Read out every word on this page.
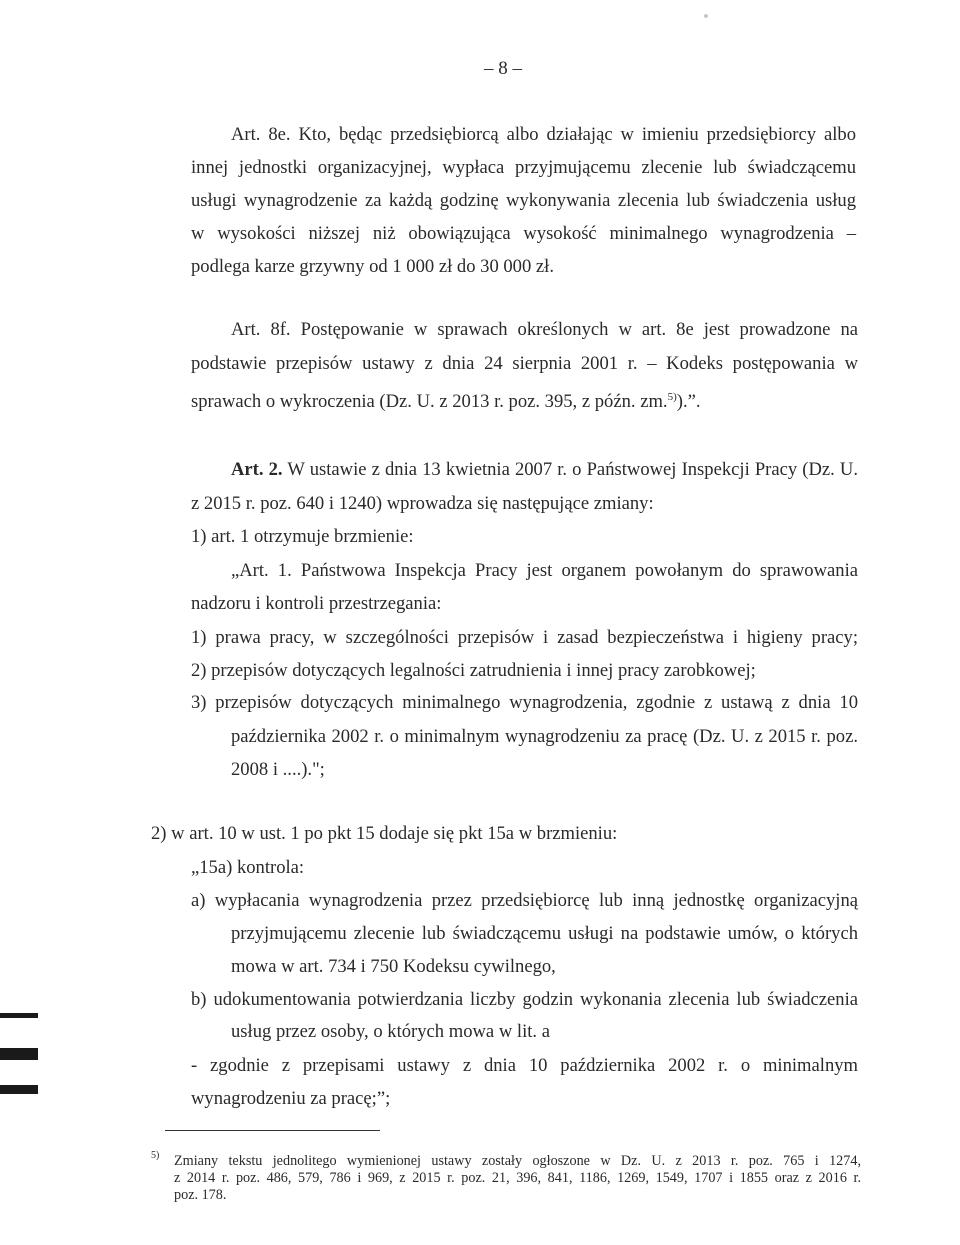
– 8 –
Art. 8e. Kto, będąc przedsiębiorcą albo działając w imieniu przedsiębiorcy albo
innej jednostki organizacyjnej, wypłaca przyjmującemu zlecenie lub świadczącemu
usługi wynagrodzenie za każdą godzinę wykonywania zlecenia lub świadczenia usług
w wysokości niższej niż obowiązująca wysokość minimalnego wynagrodzenia –
podlega karze grzywny od 1 000 zł do 30 000 zł.
Art. 8f. Postępowanie w sprawach określonych w art. 8e jest prowadzone na
podstawie przepisów ustawy z dnia 24 sierpnia 2001 r. – Kodeks postępowania w
sprawach o wykroczenia (Dz. U. z 2013 r. poz. 395, z późn. zm.$^{5)}$).”.
Art. 2. W ustawie z dnia 13 kwietnia 2007 r. o Państwowej Inspekcji Pracy (Dz. U.
z 2015 r. poz. 640 i 1240) wprowadza się następujące zmiany:
1) art. 1 otrzymuje brzmienie:
„Art. 1. Państwowa Inspekcja Pracy jest organem powołanym do sprawowania
nadzoru i kontroli przestrzegania:
1) prawa pracy, w szczególności przepisów i zasad bezpieczeństwa i higieny pracy;
2) przepisów dotyczących legalności zatrudnienia i innej pracy zarobkowej;
3) przepisów dotyczących minimalnego wynagrodzenia, zgodnie z ustawą z dnia 10
października 2002 r. o minimalnym wynagrodzeniu za pracę (Dz. U. z 2015 r. poz.
2008 i ....).";
2) w art. 10 w ust. 1 po pkt 15 dodaje się pkt 15a w brzmieniu:
„15a) kontrola:
a) wypłacania wynagrodzenia przez przedsiębiorcę lub inną jednostkę organizacyjną
przyjmującemu zlecenie lub świadczącemu usługi na podstawie umów, o których
mowa w art. 734 i 750 Kodeksu cywilnego,
b) udokumentowania potwierdzania liczby godzin wykonania zlecenia lub świadczenia
usług przez osoby, o których mowa w lit. a
- zgodnie z przepisami ustawy z dnia 10 października 2002 r. o minimalnym
wynagrodzeniu za pracę;”;
5) Zmiany tekstu jednolitego wymienionej ustawy zostały ogłoszone w Dz. U. z 2013 r. poz. 765 i 1274,
z 2014 r. poz. 486, 579, 786 i 969, z 2015 r. poz. 21, 396, 841, 1186, 1269, 1549, 1707 i 1855 oraz z 2016 r.
poz. 178.
